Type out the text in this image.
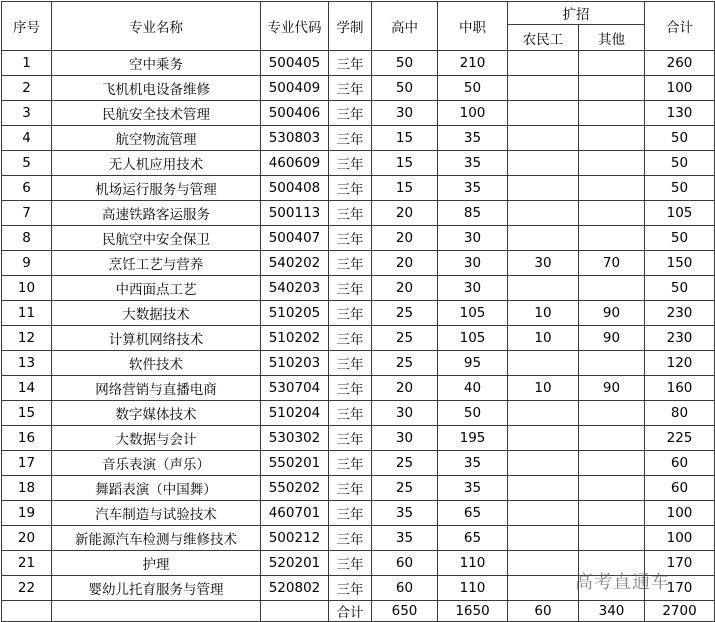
序号	专业名称	专业代码	学制	高中	中职	扩招		合计
						农民工	其他	
1	空中乘务	500405	三年	50	210			260
2	飞机机电设备维修	500409	三年	50	50			100
3	民航安全技术管理	500406	三年	30	100			130
4	航空物流管理	530803	三年	15	35			50
5	无人机应用技术	460609	三年	15	35			50
6	机场运行服务与管理	500408	三年	15	35			50
7	高速铁路客运服务	500113	三年	20	85			105
8	民航空中安全保卫	500407	三年	20	30			50
9	烹饪工艺与营养	540202	三年	20	30	30	70	150
10	中西面点工艺	540203	三年	20	30			50
11	大数据技术	510205	三年	25	105	10	90	230
12	计算机网络技术	510202	三年	25	105	10	90	230
13	软件技术	510203	三年	25	95			120
14	网络营销与直播电商	530704	三年	20	40	10	90	160
15	数字媒体技术	510204	三年	30	50			80
16	大数据与会计	530302	三年	30	195			225
17	音乐表演（声乐）	550201	三年	25	35			60
18	舞蹈表演（中国舞）	550202	三年	25	35			60
19	汽车制造与试验技术	460701	三年	35	65			100
20	新能源汽车检测与维修技术	500212	三年	35	65			100
21	护理	520201	三年	60	110			170
22	婴幼儿托育服务与管理	520802	三年	60	110			170
			合计	650	1650	60	340	2700
高考直通车
